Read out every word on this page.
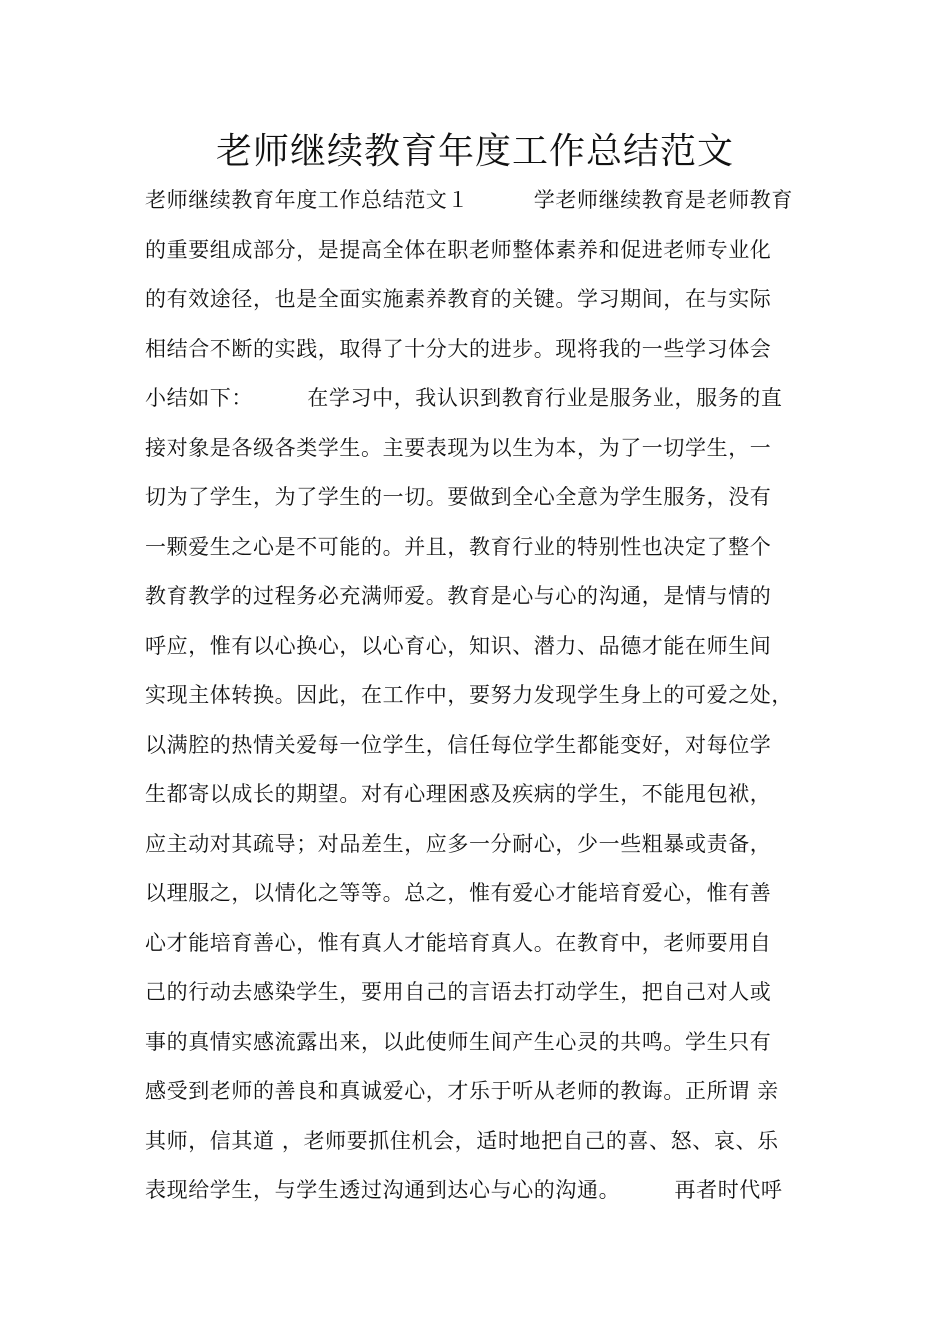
老师继续教育年度工作总结范文
老师继续教育年度工作总结范文１　　　学老师继续教育是老师教育
的重要组成部分，是提高全体在职老师整体素养和促进老师专业化
的有效途径，也是全面实施素养教育的关键。学习期间，在与实际
相结合不断的实践，取得了十分大的进步。现将我的一些学习体会
小结如下：　　　在学习中，我认识到教育行业是服务业，服务的直
接对象是各级各类学生。主要表现为以生为本，为了一切学生，一
切为了学生，为了学生的一切。要做到全心全意为学生服务，没有
一颗爱生之心是不可能的。并且，教育行业的特别性也决定了整个
教育教学的过程务必充满师爱。教育是心与心的沟通，是情与情的
呼应，惟有以心换心，以心育心，知识、潜力、品德才能在师生间
实现主体转换。因此，在工作中，要努力发现学生身上的可爱之处，
以满腔的热情关爱每一位学生，信任每位学生都能变好，对每位学
生都寄以成长的期望。对有心理困惑及疾病的学生，不能甩包袱，
应主动对其疏导；对品差生，应多一分耐心，少一些粗暴或责备，
以理服之，以情化之等等。总之，惟有爱心才能培育爱心，惟有善
心才能培育善心，惟有真人才能培育真人。在教育中，老师要用自
己的行动去感染学生，要用自己的言语去打动学生，把自己对人或
事的真情实感流露出来，以此使师生间产生心灵的共鸣。学生只有
感受到老师的善良和真诚爱心，才乐于听从老师的教诲。正所谓 亲
其师，信其道 ，老师要抓住机会，适时地把自己的喜、怒、哀、乐
表现给学生，与学生透过沟通到达心与心的沟通。　　　再者时代呼
